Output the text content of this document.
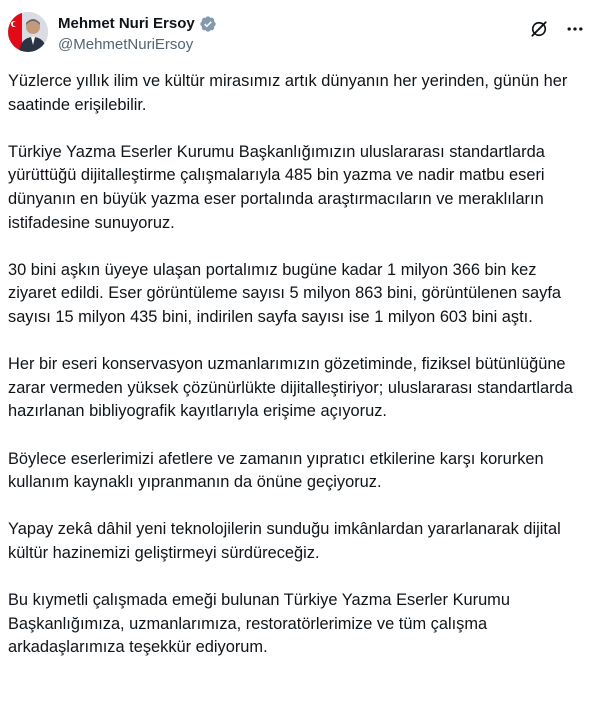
Mehmet Nuri Ersoy
@MehmetNuriErsoy

Yüzlerce yıllık ilim ve kültür mirasımız artık dünyanın her yerinden, günün her saatinde erişilebilir.

Türkiye Yazma Eserler Kurumu Başkanlığımızın uluslararası standartlarda yürüttüğü dijitalleştirme çalışmalarıyla 485 bin yazma ve nadir matbu eseri dünyanın en büyük yazma eser portalında araştırmacıların ve meraklıların istifadesine sunuyoruz.

30 bini aşkın üyeye ulaşan portalımız bugüne kadar 1 milyon 366 bin kez ziyaret edildi. Eser görüntüleme sayısı 5 milyon 863 bini, görüntülenen sayfa sayısı 15 milyon 435 bini, indirilen sayfa sayısı ise 1 milyon 603 bini aştı.

Her bir eseri konservasyon uzmanlarımızın gözetiminde, fiziksel bütünlüğüne zarar vermeden yüksek çözünürlükte dijitalleştiriyor; uluslararası standartlarda hazırlanan bibliyografik kayıtlarıyla erişime açıyoruz.

Böylece eserlerimizi afetlere ve zamanın yıpratıcı etkilerine karşı korurken kullanım kaynaklı yıpranmanın da önüne geçiyoruz.

Yapay zekâ dâhil yeni teknolojilerin sunduğu imkânlardan yararlanarak dijital kültür hazinemizi geliştirmeyi sürdüreceğiz.

Bu kıymetli çalışmada emeği bulunan Türkiye Yazma Eserler Kurumu Başkanlığımıza, uzmanlarımıza, restoratörlerimize ve tüm çalışma arkadaşlarımıza teşekkür ediyorum.
